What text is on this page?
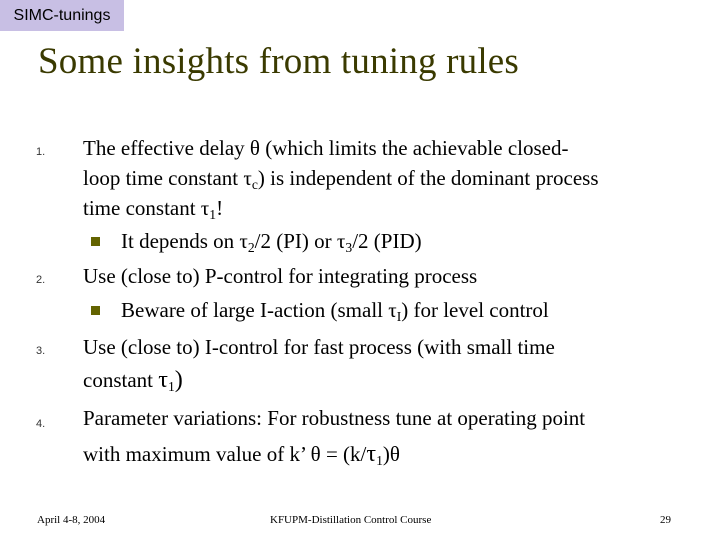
SIMC-tunings
Some insights from tuning rules
1. The effective delay θ (which limits the achievable closed-
loop time constant $\tau_c$) is independent of the dominant process
time constant $\tau_1$!
It depends on $\tau_2/2$ (PI) or $\tau_3/2$ (PID)
2. Use (close to) P-control for integrating process
Beware of large I-action (small $\tau_I$) for level control
3. Use (close to) I-control for fast process (with small time
constant $\tau_1$)
4. Parameter variations: For robustness tune at operating point
with maximum value of k’ $\theta = (k/\tau_1)\theta$
April 4-8, 2004	KFUPM-Distillation Control Course	29
